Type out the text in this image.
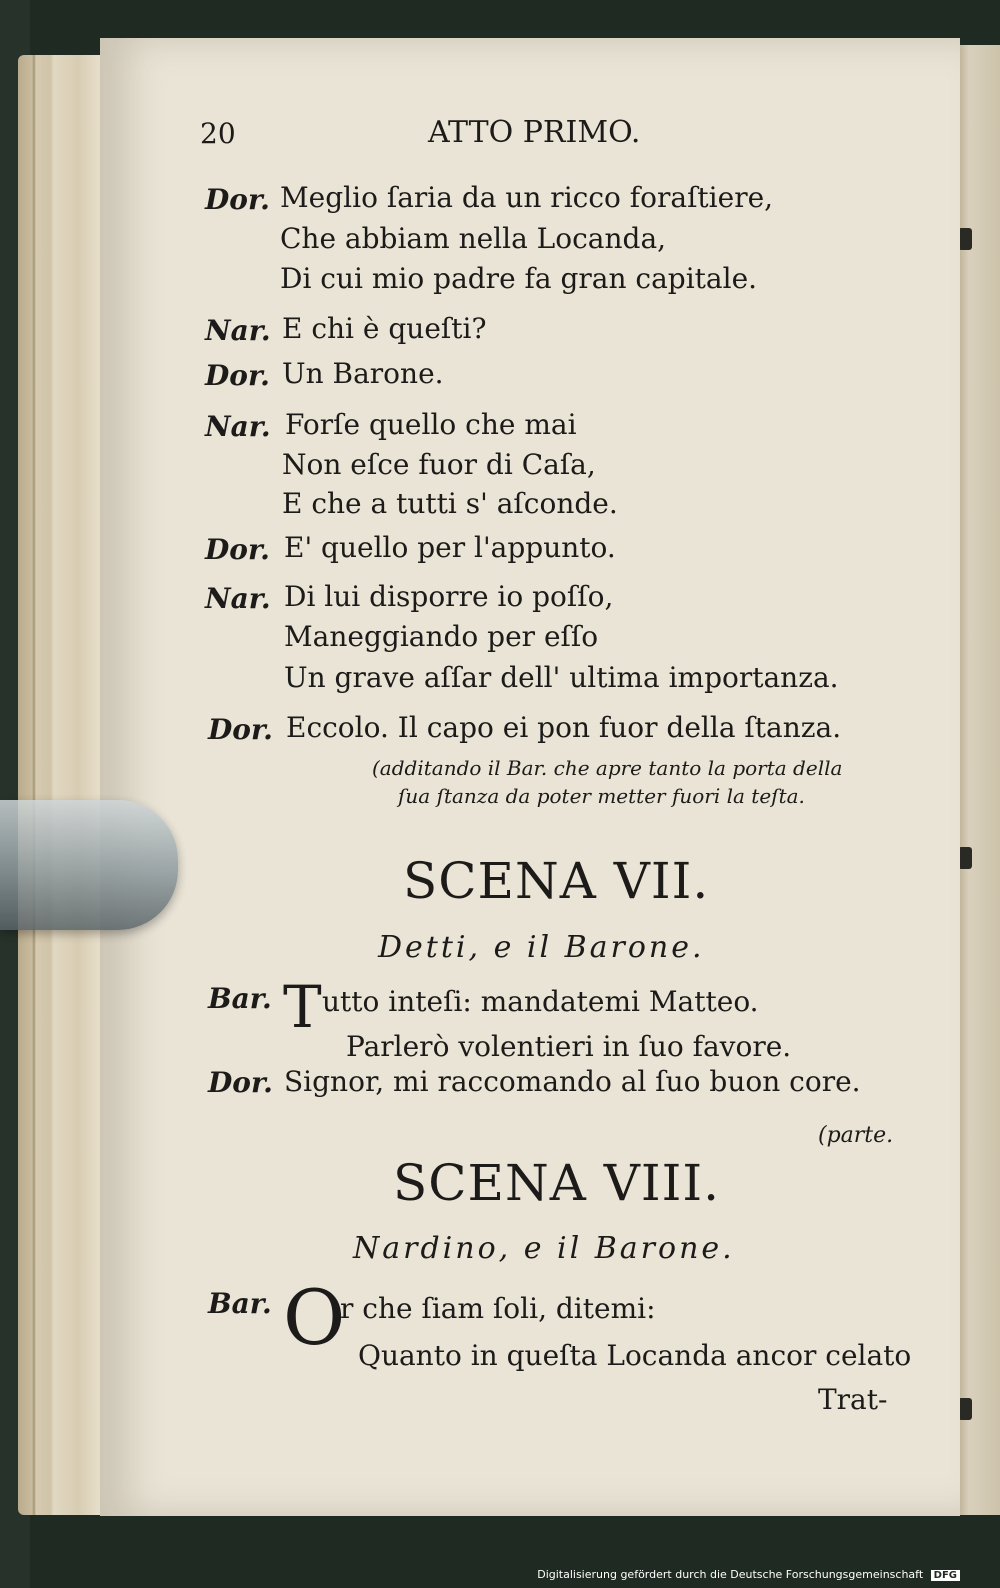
20	ATTO PRIMO.
Dor. Meglio ſaria da un ricco foraſtiere,
Che abbiam nella Locanda,
Di cui mio padre fa gran capitale.
Nar. E chi è queſti?
Dor. Un Barone.
Nar. Forſe quello che mai
Non eſce fuor di Caſa,
E che a tutti s' aſconde.
Dor. E' quello per l'appunto.
Nar. Di lui disporre io poſſo,
Maneggiando per eſſo
Un grave aſſar dell' ultima importanza.
Dor. Eccolo. Il capo ei pon fuor della ſtanza.
(additando il Bar. che apre tanto la porta della
ſua ſtanza da poter metter fuori la teſta.
SCENA VII.
Detti, e il Barone.
Bar. T utto inteſi: mandatemi Matteo.
Parlerò volentieri in ſuo favore.
Dor. Signor, mi raccomando al ſuo buon core.
(parte.
SCENA VIII.
Nardino, e il Barone.
Bar. O
r che ſiam ſoli, ditemi:
Quanto in queſta Locanda ancor celato
Trat-
Digitalisierung gefördert durch die Deutsche Forschungsgemeinschaft DFG
